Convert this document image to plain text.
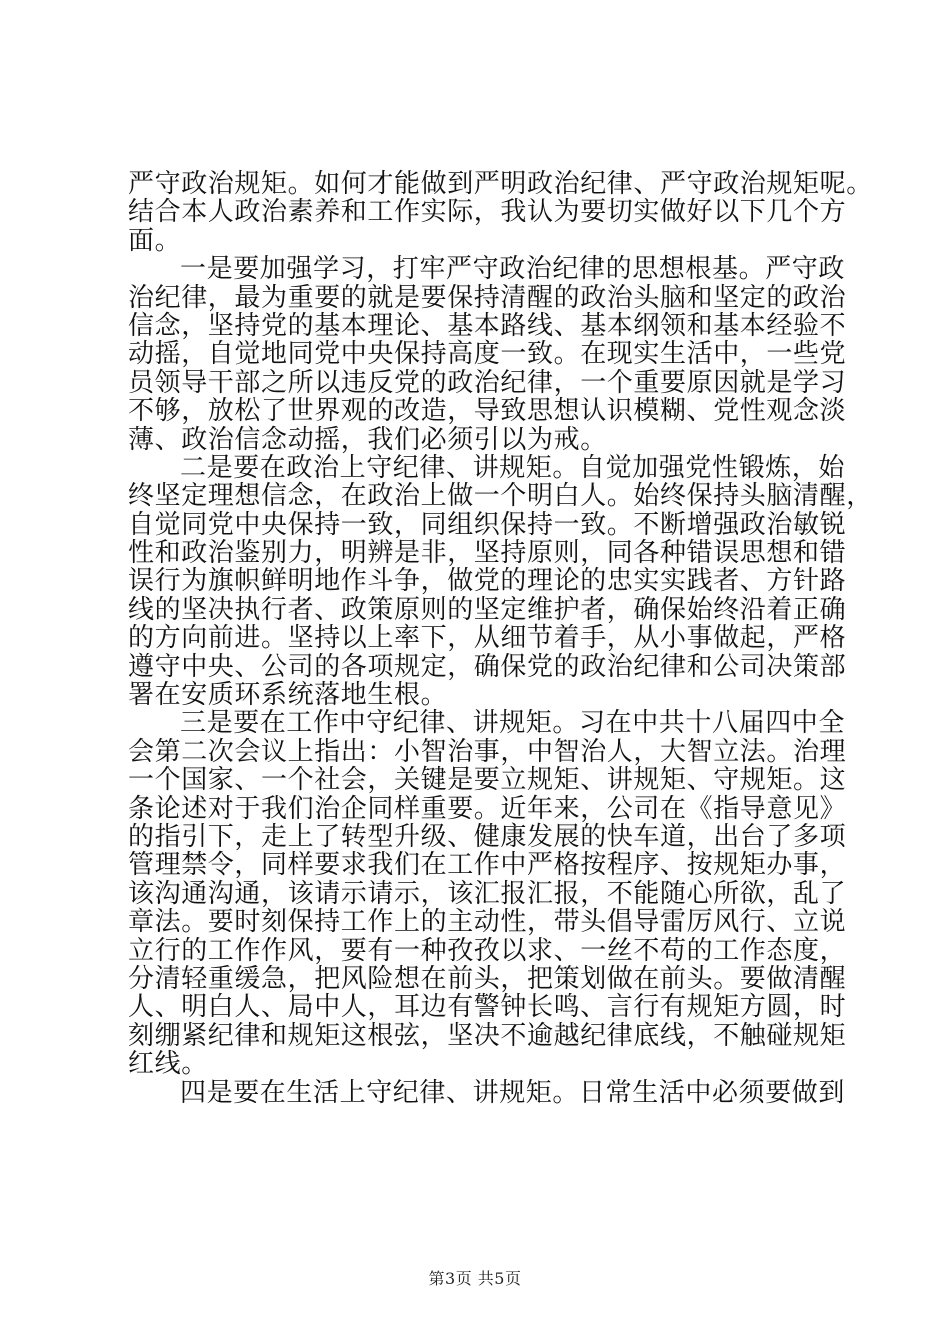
严守政治规矩。如何才能做到严明政治纪律、严守政治规矩呢。
结合本人政治素养和工作实际，我认为要切实做好以下几个方
面。
一是要加强学习，打牢严守政治纪律的思想根基。严守政
治纪律，最为重要的就是要保持清醒的政治头脑和坚定的政治
信念，坚持党的基本理论、基本路线、基本纲领和基本经验不
动摇，自觉地同党中央保持高度一致。在现实生活中，一些党
员领导干部之所以违反党的政治纪律，一个重要原因就是学习
不够，放松了世界观的改造，导致思想认识模糊、党性观念淡
薄、政治信念动摇，我们必须引以为戒。
二是要在政治上守纪律、讲规矩。自觉加强党性锻炼，始
终坚定理想信念，在政治上做一个明白人。始终保持头脑清醒，
自觉同党中央保持一致，同组织保持一致。不断增强政治敏锐
性和政治鉴别力，明辨是非，坚持原则，同各种错误思想和错
误行为旗帜鲜明地作斗争，做党的理论的忠实实践者、方针路
线的坚决执行者、政策原则的坚定维护者，确保始终沿着正确
的方向前进。坚持以上率下，从细节着手，从小事做起，严格
遵守中央、公司的各项规定，确保党的政治纪律和公司决策部
署在安质环系统落地生根。
三是要在工作中守纪律、讲规矩。习在中共十八届四中全
会第二次会议上指出：小智治事，中智治人，大智立法。治理
一个国家、一个社会，关键是要立规矩、讲规矩、守规矩。这
条论述对于我们治企同样重要。近年来，公司在《指导意见》
的指引下，走上了转型升级、健康发展的快车道，出台了多项
管理禁令，同样要求我们在工作中严格按程序、按规矩办事，
该沟通沟通，该请示请示，该汇报汇报，不能随心所欲，乱了
章法。要时刻保持工作上的主动性，带头倡导雷厉风行、立说
立行的工作作风，要有一种孜孜以求、一丝不苟的工作态度，
分清轻重缓急，把风险想在前头，把策划做在前头。要做清醒
人、明白人、局中人，耳边有警钟长鸣、言行有规矩方圆，时
刻绷紧纪律和规矩这根弦，坚决不逾越纪律底线，不触碰规矩
红线。
四是要在生活上守纪律、讲规矩。日常生活中必须要做到
第3页 共5页
